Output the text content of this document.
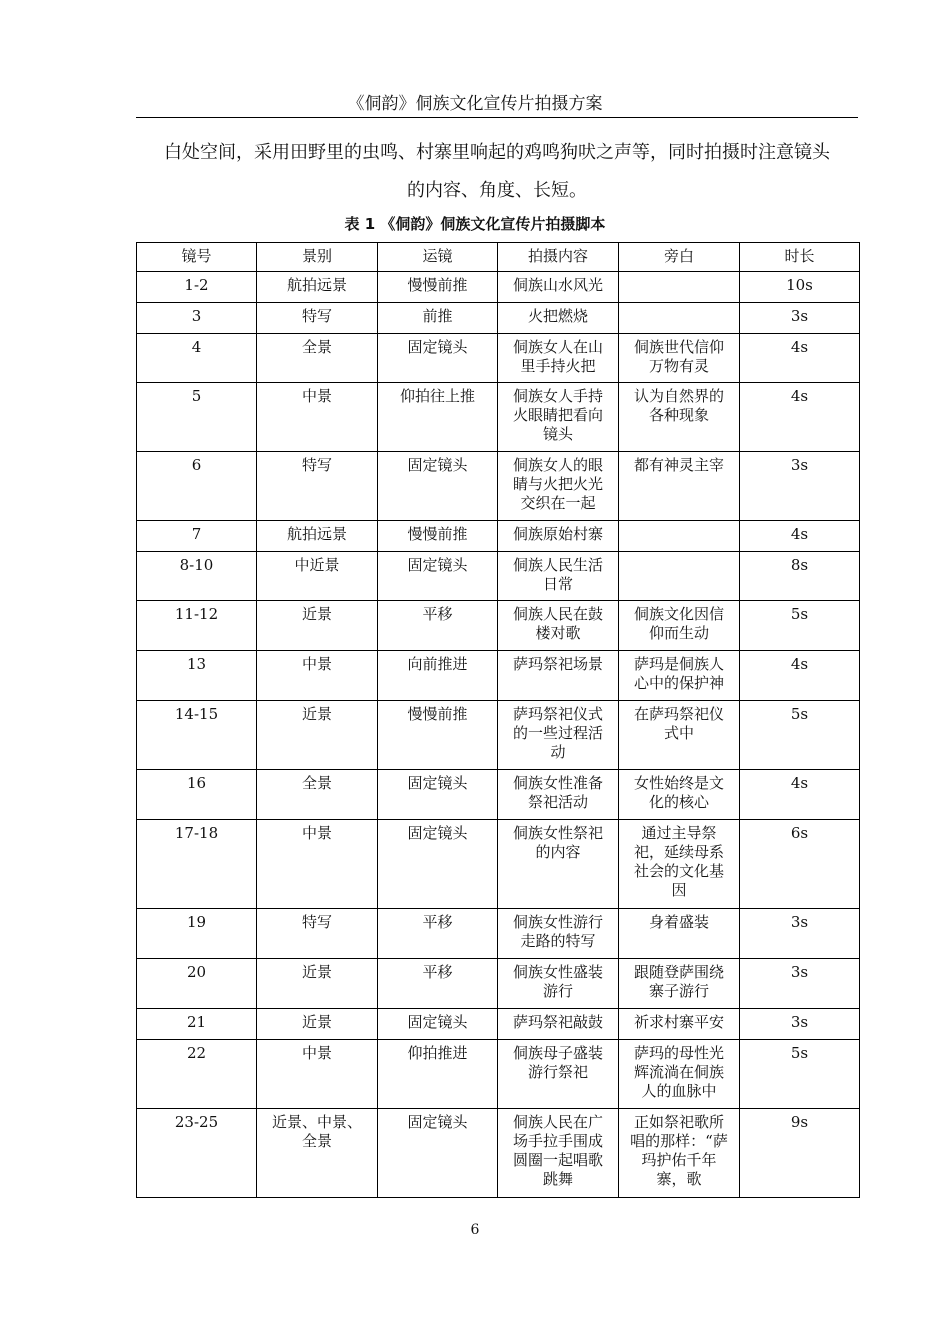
《侗韵》侗族文化宣传片拍摄方案
白处空间，采用田野里的虫鸣、村寨里响起的鸡鸣狗吠之声等，同时拍摄时注意镜头
的内容、角度、长短。
表 1 《侗韵》侗族文化宣传片拍摄脚本
镜号	景别	运镜	拍摄内容	旁白	时长
1-2	航拍远景	慢慢前推	侗族山水风光		10s
3	特写	前推	火把燃烧		3s
4	全景	固定镜头	侗族女人在山里手持火把	侗族世代信仰万物有灵	4s
5	中景	仰拍往上推	侗族女人手持火眼睛把看向镜头	认为自然界的各种现象	4s
6	特写	固定镜头	侗族女人的眼睛与火把火光交织在一起	都有神灵主宰	3s
7	航拍远景	慢慢前推	侗族原始村寨		4s
8-10	中近景	固定镜头	侗族人民生活日常		8s
11-12	近景	平移	侗族人民在鼓楼对歌	侗族文化因信仰而生动	5s
13	中景	向前推进	萨玛祭祀场景	萨玛是侗族人心中的保护神	4s
14-15	近景	慢慢前推	萨玛祭祀仪式的一些过程活动	在萨玛祭祀仪式中	5s
16	全景	固定镜头	侗族女性准备祭祀活动	女性始终是文化的核心	4s
17-18	中景	固定镜头	侗族女性祭祀的内容	通过主导祭祀，延续母系社会的文化基因	6s
19	特写	平移	侗族女性游行走路的特写	身着盛装	3s
20	近景	平移	侗族女性盛装游行	跟随登萨围绕寨子游行	3s
21	近景	固定镜头	萨玛祭祀敲鼓	祈求村寨平安	3s
22	中景	仰拍推进	侗族母子盛装游行祭祀	萨玛的母性光辉流淌在侗族人的血脉中	5s
23-25	近景、中景、全景	固定镜头	侗族人民在广场手拉手围成圆圈一起唱歌跳舞	正如祭祀歌所唱的那样：“萨玛护佑千年寨，歌	9s
6
